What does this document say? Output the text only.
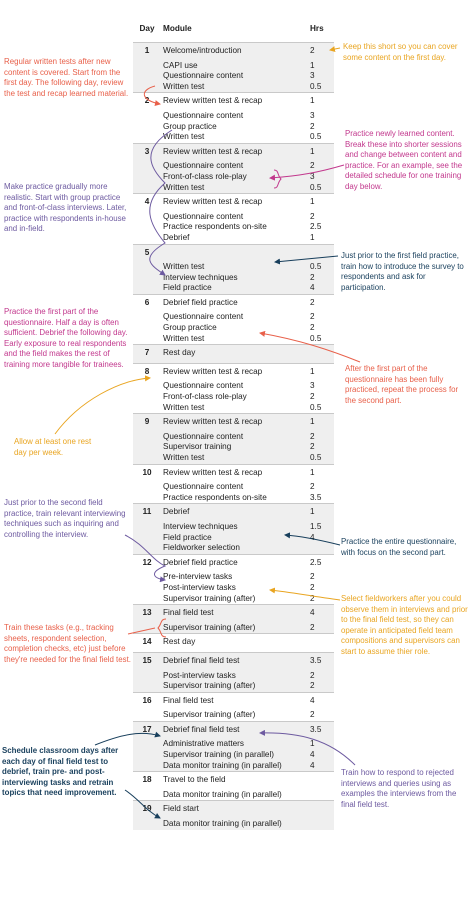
Day	Module	Hrs
1	Welcome/introduction	2
	CAPI use	1
	Questionnaire content	3
	Written test	0.5
2	Review written test & recap	1
	Questionnaire content	3
	Group practice	2
	Written test	0.5
3	Review written test & recap	1
	Questionnaire content	2
	Front-of-class role-play	3
	Written test	0.5
4	Review written test & recap	1
	Questionnaire content	2
	Practice respondents on-site	2.5
	Debrief	1
5		
	Written test	0.5
	Interview techniques	2
	Field practice	4
6	Debrief field practice	2
	Questionnaire content	2
	Group practice	2
	Written test	0.5
7	Rest day	
8	Review written test & recap	1
	Questionnaire content	3
	Front-of-class role-play	2
	Written test	0.5
9	Review written test & recap	1
	Questionnaire content	2
	Supervisor training	2
	Written test	0.5
10	Review written test & recap	1
	Questionnaire content	2
	Practice respondents on-site	3.5
11	Debrief	1
	Interview techniques	1.5
	Field practice	4
	Fieldworker selection	
12	Debrief field practice	2.5
	Pre-interview tasks	2
	Post-interview tasks	2
	Supervisor training (after)	2
13	Final field test	4
	Supervisor training (after)	2
14	Rest day	
15	Debrief final field test	3.5
	Post-interview tasks	2
	Supervisor training (after)	2
16	Final field test	4
	Supervisor training (after)	2
17	Debrief final field test	3.5
	Administrative matters	1
	Supervisor training (in parallel)	4
	Data monitor training (in parallel)	4
18	Travel to the field	
	Data monitor training (in parallel)	
19	Field start	
	Data monitor training (in parallel)	
Regular written tests after new content is covered. Start from the first day. The following day, review the test and recap learned material.
Make practice gradually more realistic. Start with group practice and front-of-class interviews. Later, practice with respondents in-house and in-field.
Practice the first part of the questionnaire. Half a day is often sufficient. Debrief the following day. Early exposure to real respondents and the field makes the rest of training more tangible for trainees.
Allow at least one rest day per week.
Just prior to the second field practice, train relevant interviewing techniques such as inquiring and controlling the interview.
Train these tasks (e.g., tracking sheets, respondent selection, completion checks, etc) just before they're needed for the final field test.
Schedule classroom days after each day of final field test to debrief, train pre- and post-interviewing tasks and retrain topics that need improvement.
Keep this short so you can cover some content on the first day.
Practice newly learned content. Break these into shorter sessions and change between content and practice. For an example, see the detailed schedule for one training day below.
Just prior to the first field practice, train how to introduce the survey to respondents and ask for participation.
After the first part of the questionnaire has been fully practiced, repeat the process for the second part.
Practice the entire questionnaire, with focus on the second part.
Select fieldworkers after you could observe them in interviews and prior to the final field test, so they can operate in anticipated field team compositions and supervisors can start to assume thier role.
Train how to respond to rejected interviews and queries using as examples the interviews from the final field test.
